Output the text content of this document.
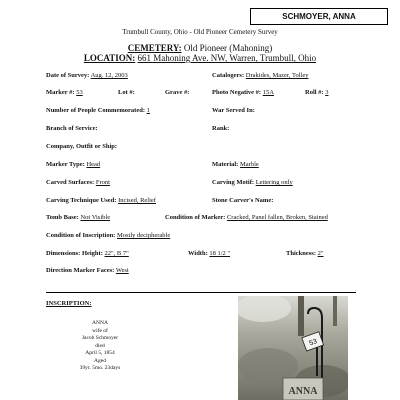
SCHMOYER, ANNA
Trumbull County, Ohio - Old Pioneer Cemetery Survey
CEMETERY: Old Pioneer (Mahoning)
LOCATION: 661 Mahoning Ave. NW, Warren, Trumbull, Ohio
Date of Survey: Aug. 12, 2003	Catalogers: Drakides, Mazer, Tolley
Marker #: 53	Lot #:	Grave #:	Photo Negative #: 15A	Roll #: 3
Number of People Commemorated: 1	War Served In:
Branch of Service:	Rank:
Company, Outfit or Ship:
Marker Type: Head	Material: Marble
Carved Surfaces: Front	Carving Motif: Lettering only
Carving Technique Used: Incised, Relief	Stone Carver's Name:
Tomb Base: Not Visible	Condition of Marker: Cracked, Panel fallen, Broken, Stained
Condition of Inscription: Mostly decipherable
Dimensions: Height: 22", B 7"	Width: 18 1/2 "	Thickness: 2"
Direction Marker Faces: West
INSCRIPTION:
ANNA
wife of
Jacob Schmoyer
died
April 5, 1854
Aged
39yr. 5mo. 23days
53
ANNA
